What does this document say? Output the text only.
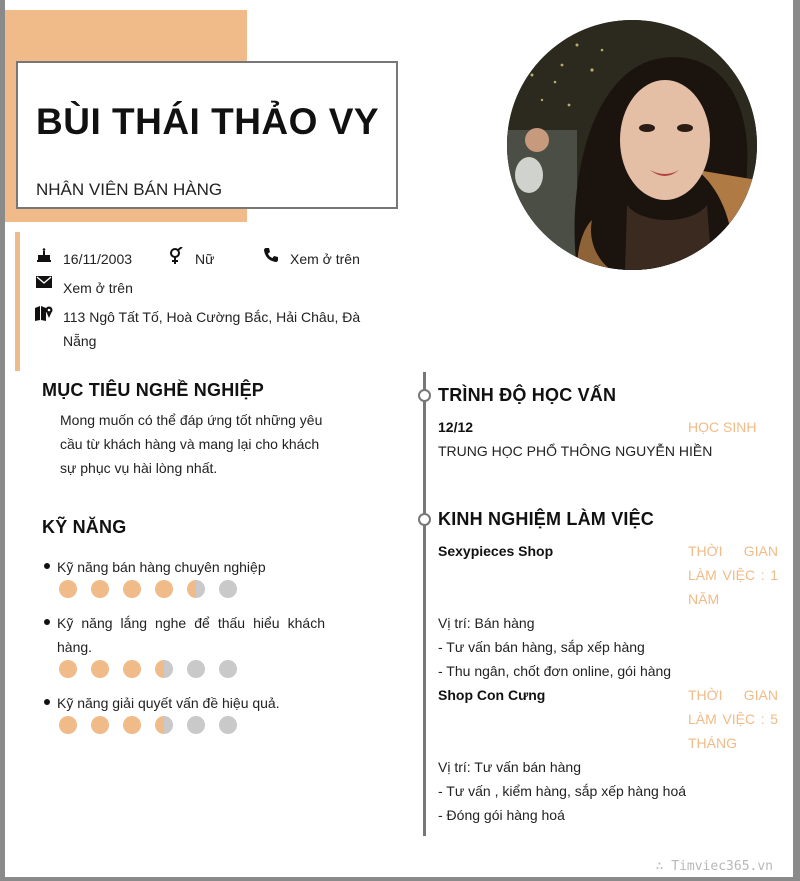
BÙI THÁI THẢO VY
NHÂN VIÊN BÁN HÀNG
16/11/2003	Nữ	Xem ở trên
Xem ở trên
113 Ngô Tất Tố, Hoà Cường Bắc, Hải Châu, Đà Nẵng
MỤC TIÊU NGHỀ NGHIỆP
Mong muốn có thể đáp ứng tốt những yêu cầu từ khách hàng và mang lại cho khách sự phục vụ hài lòng nhất.
KỸ NĂNG
Kỹ năng bán hàng chuyên nghiệp
Kỹ năng lắng nghe để thấu hiểu khách hàng.
Kỹ năng giải quyết vấn đề hiệu quả.
TRÌNH ĐỘ HỌC VẤN
12/12	HỌC SINH
TRUNG HỌC PHỔ THÔNG NGUYỄN HIỀN
KINH NGHIỆM LÀM VIỆC
Sexypieces Shop	THỜI GIAN LÀM VIỆC : 1 NĂM
Vị trí: Bán hàng
- Tư vấn bán hàng, sắp xếp hàng
- Thu ngân, chốt đơn online, gói hàng
Shop Con Cưng	THỜI GIAN LÀM VIỆC : 5 THÁNG
Vị trí: Tư vấn bán hàng
- Tư vấn , kiểm hàng, sắp xếp hàng hoá
- Đóng gói hàng hoá
∴ Timviec365.vn
